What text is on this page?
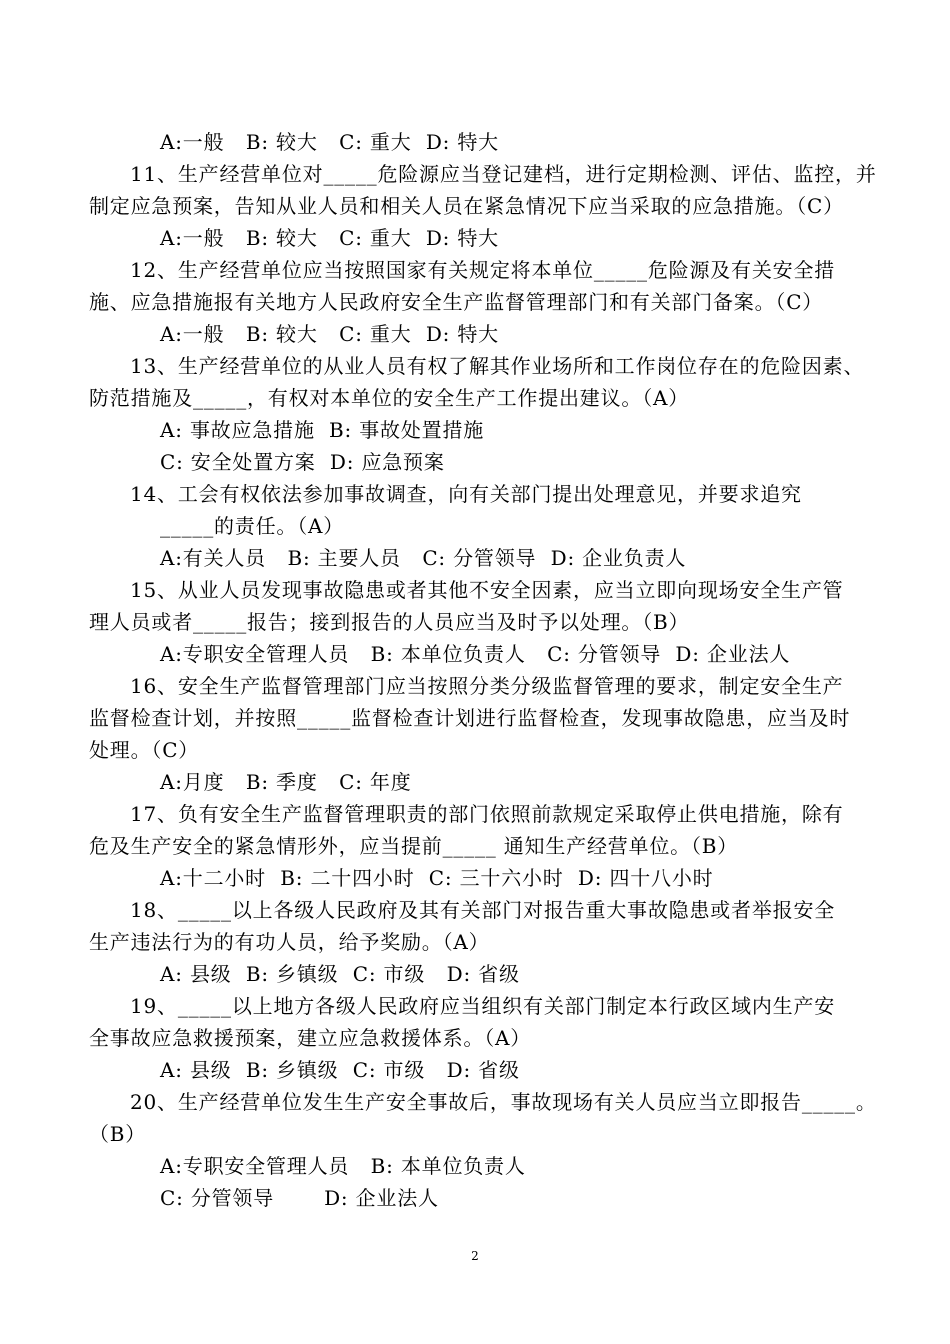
A:一般   B: 较大   C: 重大  D: 特大
11、生产经营单位对_____危险源应当登记建档，进行定期检测、评估、监控，并
制定应急预案，告知从业人员和相关人员在紧急情况下应当采取的应急措施。（C）
A:一般   B: 较大   C: 重大  D: 特大
12、生产经营单位应当按照国家有关规定将本单位_____危险源及有关安全措
施、应急措施报有关地方人民政府安全生产监督管理部门和有关部门备案。（C）
A:一般   B: 较大   C: 重大  D: 特大
13、生产经营单位的从业人员有权了解其作业场所和工作岗位存在的危险因素、
防范措施及_____，有权对本单位的安全生产工作提出建议。（A）
A: 事故应急措施  B: 事故处置措施
C: 安全处置方案  D: 应急预案
14、工会有权依法参加事故调查，向有关部门提出处理意见，并要求追究
_____的责任。（A）
A:有关人员   B: 主要人员   C: 分管领导  D: 企业负责人
15、从业人员发现事故隐患或者其他不安全因素，应当立即向现场安全生产管
理人员或者_____报告；接到报告的人员应当及时予以处理。（B）
A:专职安全管理人员   B: 本单位负责人   C: 分管领导  D: 企业法人
16、安全生产监督管理部门应当按照分类分级监督管理的要求，制定安全生产
监督检查计划，并按照_____监督检查计划进行监督检查，发现事故隐患，应当及时
处理。（C）
A:月度   B: 季度   C: 年度
17、负有安全生产监督管理职责的部门依照前款规定采取停止供电措施，除有
危及生产安全的紧急情形外，应当提前_____ 通知生产经营单位。（B）
A:十二小时  B: 二十四小时  C: 三十六小时  D: 四十八小时
18、_____以上各级人民政府及其有关部门对报告重大事故隐患或者举报安全
生产违法行为的有功人员，给予奖励。（A）
A: 县级  B: 乡镇级  C: 市级   D: 省级
19、_____以上地方各级人民政府应当组织有关部门制定本行政区域内生产安
全事故应急救援预案，建立应急救援体系。（A）
A: 县级  B: 乡镇级  C: 市级   D: 省级
20、生产经营单位发生生产安全事故后，事故现场有关人员应当立即报告_____。
（B）
A:专职安全管理人员   B: 本单位负责人
C: 分管领导       D: 企业法人
2
